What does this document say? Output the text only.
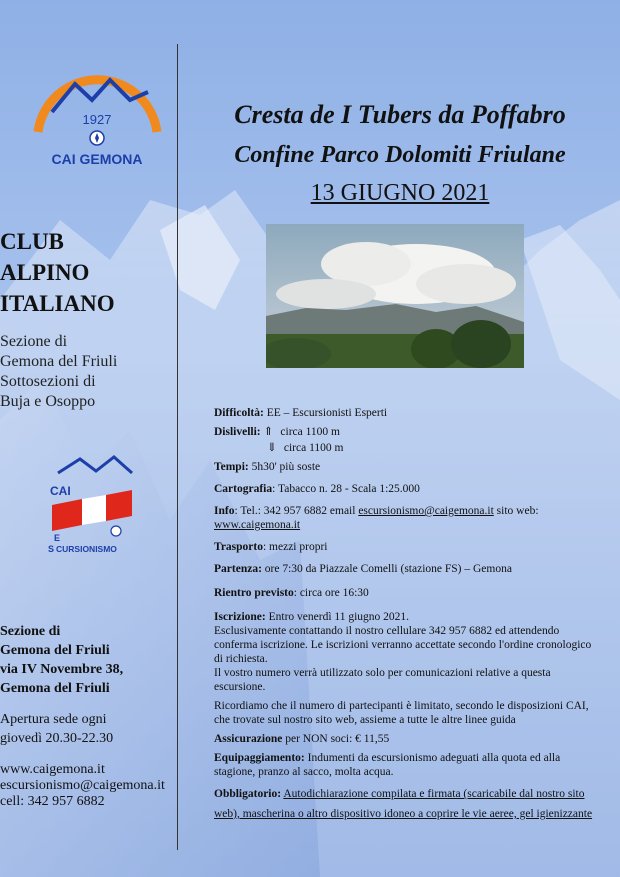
1927
CAI GEMONA
CLUB
ALPINO
ITALIANO
Sezione di
Gemona del Friuli
Sottosezioni di
Buja e Osoppo
CAI
E
S CURSIONISMO
Sezione di
Gemona del Friuli
via IV Novembre 38,
Gemona del Friuli
Apertura sede ogni
giovedì 20.30-22.30
www.caigemona.it
escursionismo@caigemona.it
cell: 342 957 6882
Cresta de I Tubers da Poffabro
Confine Parco Dolomiti Friulane
13 GIUGNO 2021
Difficoltà: EE – Escursionisti Esperti
Dislivelli: ⇑ circa 1100 m
⇓ circa 1100 m
Tempi: 5h30' più soste
Cartografia: Tabacco n. 28 - Scala 1:25.000
Info: Tel.: 342 957 6882 email escursionismo@caigemona.it sito web:
www.caigemona.it
Trasporto: mezzi propri
Partenza: ore 7:30 da Piazzale Comelli (stazione FS) – Gemona
Rientro previsto: circa ore 16:30
Iscrizione: Entro venerdì 11 giugno 2021.
Esclusivamente contattando il nostro cellulare 342 957 6882 ed attendendo conferma iscrizione. Le iscrizioni verranno accettate secondo l'ordine cronologico di richiesta.
Il vostro numero verrà utilizzato solo per comunicazioni relative a questa escursione.
Ricordiamo che il numero di partecipanti è limitato, secondo le disposizioni CAI, che trovate sul nostro sito web, assieme a tutte le altre linee guida
Assicurazione per NON soci: € 11,55
Equipaggiamento: Indumenti da escursionismo adeguati alla quota ed alla stagione, pranzo al sacco, molta acqua.
Obbligatorio: Autodichiarazione compilata e firmata (scaricabile dal nostro sito web), mascherina o altro dispositivo idoneo a coprire le vie aeree, gel igienizzante
